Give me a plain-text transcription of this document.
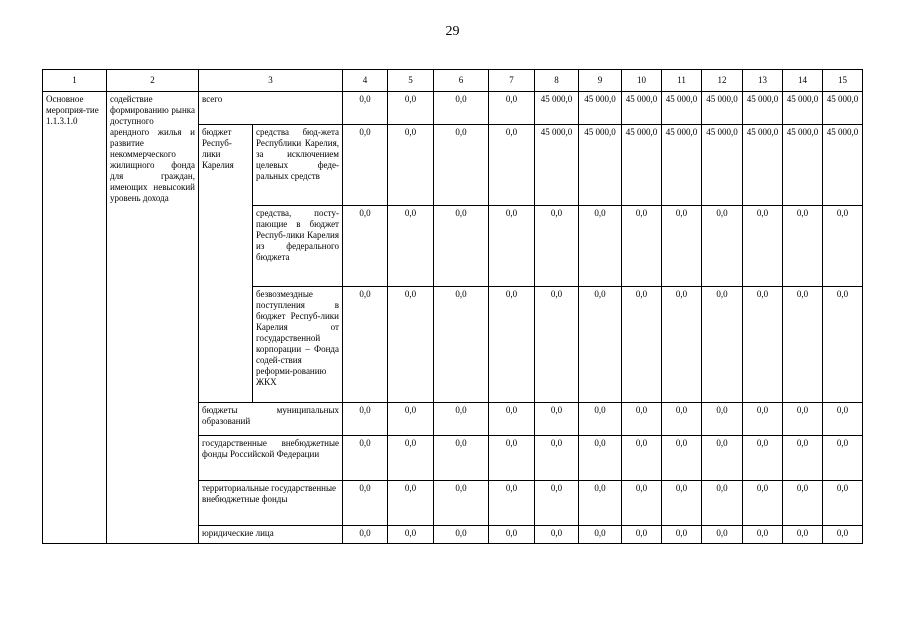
29
1	2	3		4	5	6	7	8	9	10	11	12	13	14	15
Основное мероприя-тие 1.1.3.1.0	содействие формированию рынка доступного арендного жилья и развитие некоммерческого жилищного фонда для граждан, имеющих невысокий уровень дохода	всего		0,0	0,0	0,0	0,0	45 000,0	45 000,0	45 000,0	45 000,0	45 000,0	45 000,0	45 000,0	45 000,0
		бюджет Респуб-лики Карелия	средства бюд-жета Республики Карелия, за исключением целевых феде-ральных средств	0,0	0,0	0,0	0,0	45 000,0	45 000,0	45 000,0	45 000,0	45 000,0	45 000,0	45 000,0	45 000,0
			средства, посту-пающие в бюджет Респуб-лики Карелия из федерального бюджета	0,0	0,0	0,0	0,0	0,0	0,0	0,0	0,0	0,0	0,0	0,0	0,0
			безвозмездные поступления в бюджет Респуб-лики Карелия от государственной корпорации – Фонда содей-ствия реформи-рованию ЖКХ	0,0	0,0	0,0	0,0	0,0	0,0	0,0	0,0	0,0	0,0	0,0	0,0
		бюджеты муниципальных образований		0,0	0,0	0,0	0,0	0,0	0,0	0,0	0,0	0,0	0,0	0,0	0,0
		государственные внебюджетные фонды Российской Федерации		0,0	0,0	0,0	0,0	0,0	0,0	0,0	0,0	0,0	0,0	0,0	0,0
		территориальные государственные внебюджетные фонды		0,0	0,0	0,0	0,0	0,0	0,0	0,0	0,0	0,0	0,0	0,0	0,0
		юридические лица		0,0	0,0	0,0	0,0	0,0	0,0	0,0	0,0	0,0	0,0	0,0	0,0
